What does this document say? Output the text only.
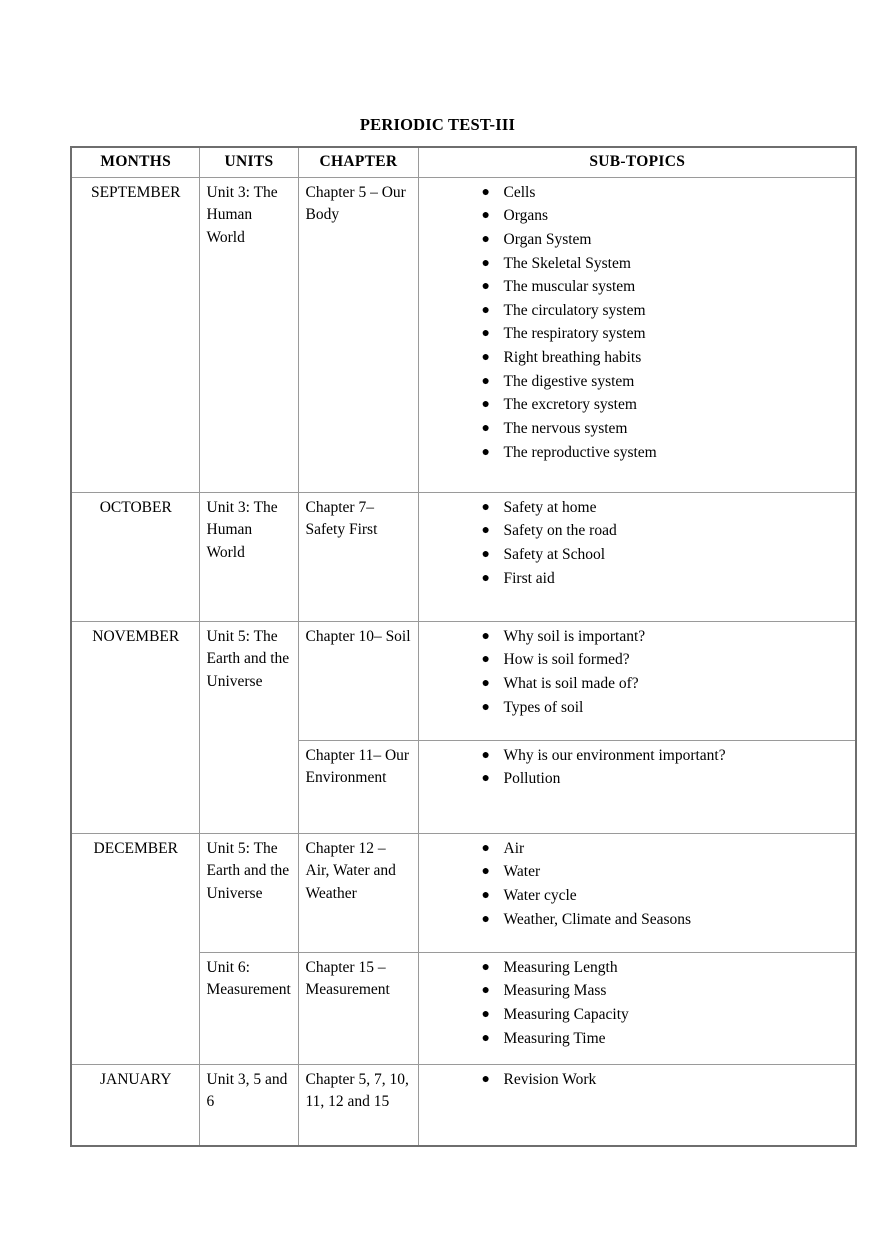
PERIODIC TEST-III
MONTHS	UNITS	CHAPTER	SUB-TOPICS
SEPTEMBER	Unit 3: The Human World	Chapter 5 – Our Body	
● Cells
● Organs
● Organ System
● The Skeletal System
● The muscular system
● The circulatory system
● The respiratory system
● Right breathing habits
● The digestive system
● The excretory system
● The nervous system
● The reproductive system

OCTOBER	Unit 3: The Human World	Chapter 7– Safety First	
● Safety at home
● Safety on the road
● Safety at School
● First aid

NOVEMBER	Unit 5: The Earth and the Universe	Chapter 10– Soil	● Why soil is important?
● How is soil formed?
● What is soil made of?
● Types of soil

Chapter 11– Our Environment	
● Why is our environment important?
● Pollution

DECEMBER	Unit 5: The Earth and the Universe	Chapter 12 – Air, Water and Weather	
● Air
● Water
● Water cycle
● Weather, Climate and Seasons

Unit 6: Measurement	Chapter 15 – Measurement	
● Measuring Length
● Measuring Mass
● Measuring Capacity
● Measuring Time

JANUARY	Unit 3, 5 and 6	Chapter 5, 7, 10, 11, 12 and 15	
● Revision Work
